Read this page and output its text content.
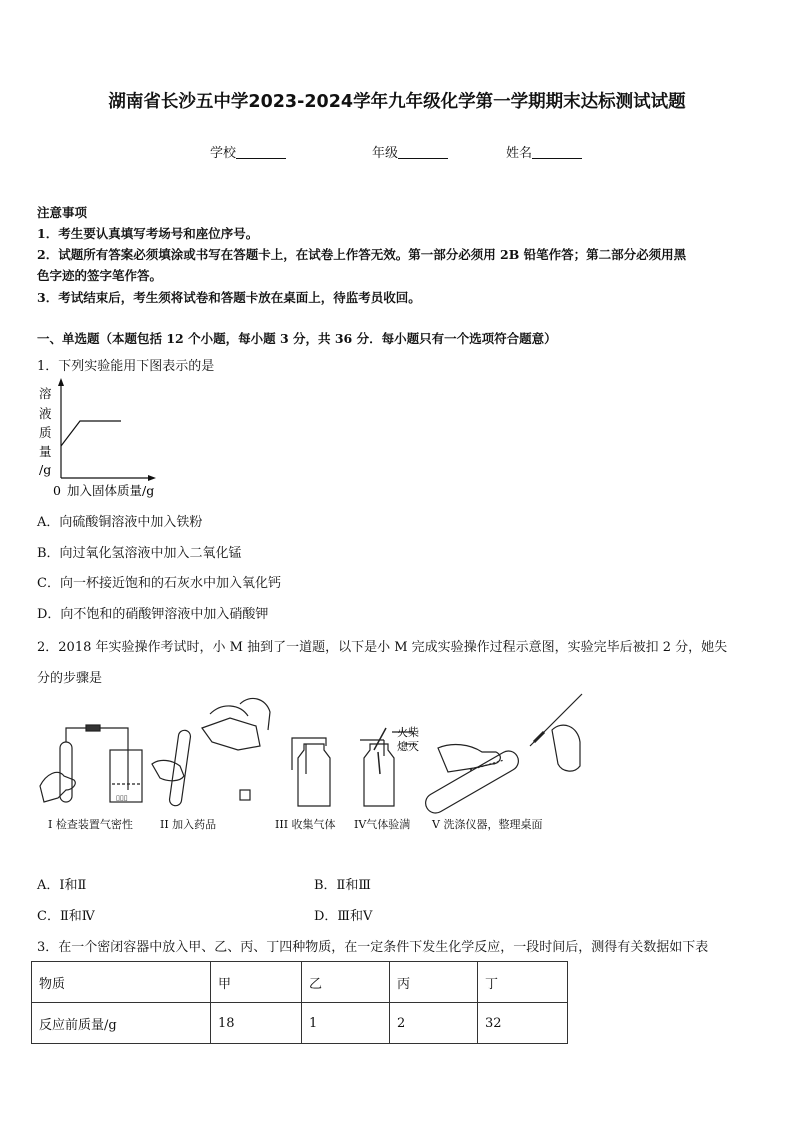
湖南省长沙五中学2023-2024学年九年级化学第一学期期末达标测试试题
学校	年级	姓名
注意事项
1．考生要认真填写考场号和座位序号。
2．试题所有答案必须填涂或书写在答题卡上，在试卷上作答无效。第一部分必须用 2B 铅笔作答；第二部分必须用黑
色字迹的签字笔作答。
3．考试结束后，考生须将试卷和答题卡放在桌面上，待监考员收回。
一、单选题（本题包括 12 个小题，每小题 3 分，共 36 分．每小题只有一个选项符合题意）
1．下列实验能用下图表示的是
溶
液
质
量
/g
0 加入固体质量/g
A．向硫酸铜溶液中加入铁粉
B．向过氧化氢溶液中加入二氧化锰
C．向一杯接近饱和的石灰水中加入氧化钙
D．向不饱和的硝酸钾溶液中加入硝酸钾
2．2018 年实验操作考试时，小 M 抽到了一道题，以下是小 M 完成实验操作过程示意图，实验完毕后被扣 2 分，她失
分的步骤是
▯▯▯
火柴
熄灭
I 检查装置气密性 II 加入药品	III 收集气体 IV气体验满 V 洗涤仪器，整理桌面
A．Ⅰ和Ⅱ	B．Ⅱ和Ⅲ
C．Ⅱ和Ⅳ	D．Ⅲ和Ⅴ
3．在一个密闭容器中放入甲、乙、丙、丁四种物质，在一定条件下发生化学反应，一段时间后，测得有关数据如下表
物质	甲	乙	丙	丁
反应前质量/g	18	1	2	32
